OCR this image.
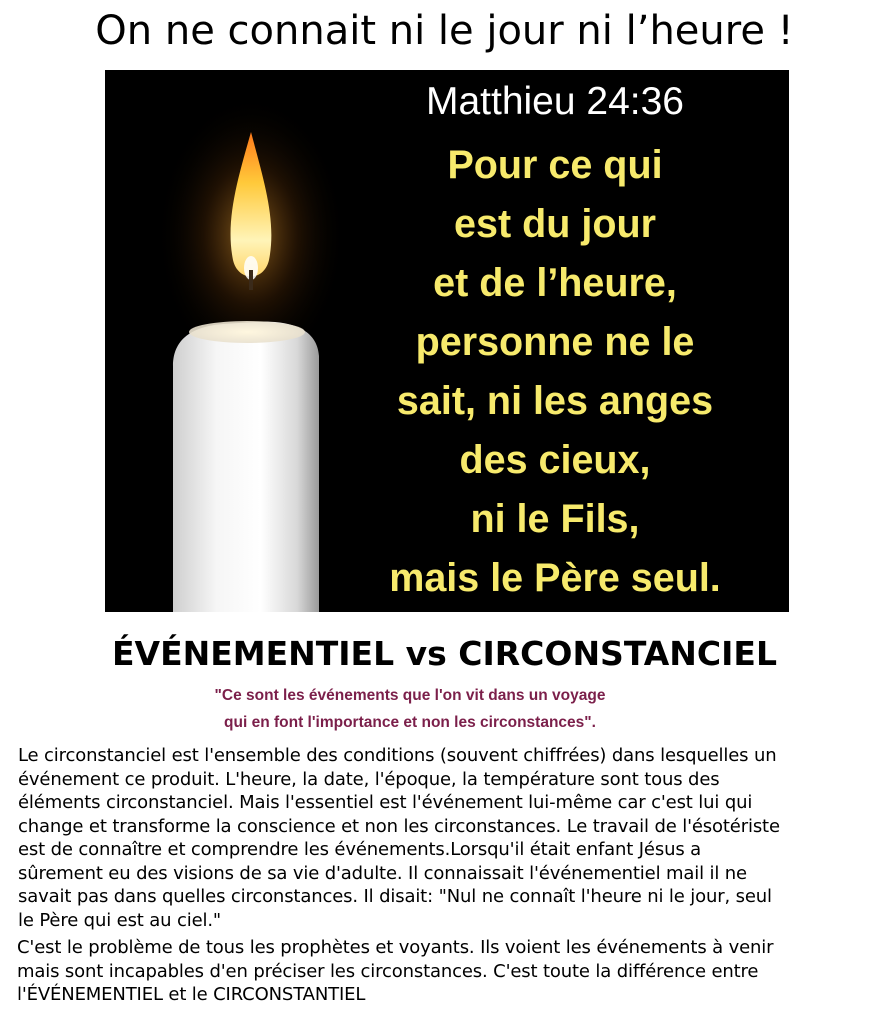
On ne connait ni le jour ni l’heure !
Matthieu 24:36
Pour ce qui
est du jour
et de l’heure,
personne ne le
sait, ni les anges
des cieux,
ni le Fils,
mais le Père seul.
ÉVÉNEMENTIEL vs CIRCONSTANCIEL
"Ce sont les événements que l'on vit dans un voyage
qui en font l'importance et non les circonstances".
Le circonstanciel est l'ensemble des conditions (souvent chiffrées) dans lesquelles un
événement ce produit. L'heure, la date, l'époque, la température sont tous des
éléments circonstanciel. Mais l'essentiel est l'événement lui-même car c'est lui qui
change et transforme la conscience et non les circonstances. Le travail de l'ésotériste
est de connaître et comprendre les événements.Lorsqu'il était enfant Jésus a
sûrement eu des visions de sa vie d'adulte. Il connaissait l'événementiel mail il ne
savait pas dans quelles circonstances. Il disait: "Nul ne connaît l'heure ni le jour, seul
le Père qui est au ciel."
C'est le problème de tous les prophètes et voyants. Ils voient les événements à venir
mais sont incapables d'en préciser les circonstances. C'est toute la différence entre
l'ÉVÉNEMENTIEL et le CIRCONSTANTIEL
